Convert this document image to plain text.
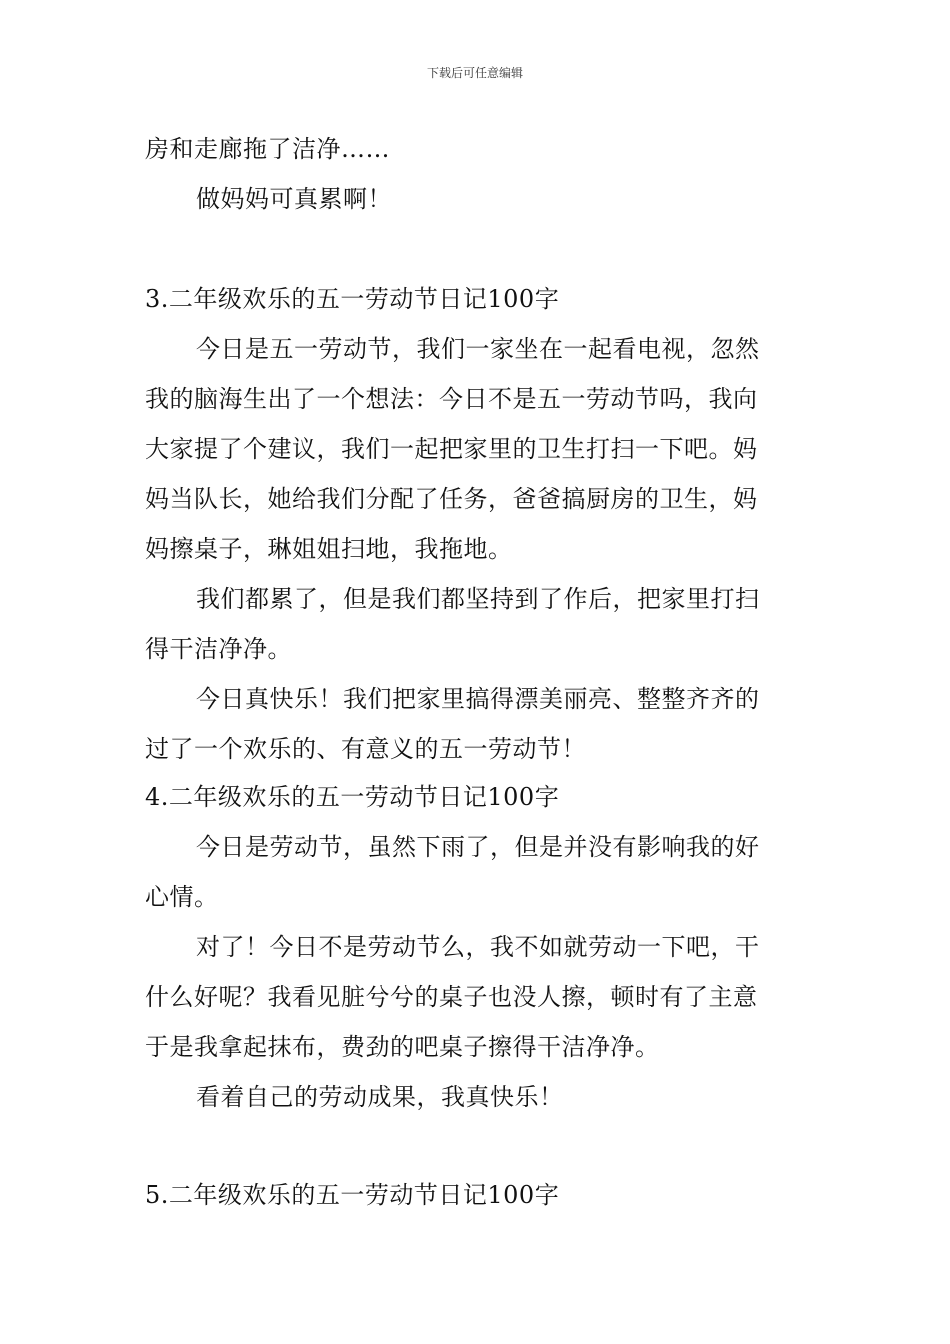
下载后可任意编辑
房和走廊拖了洁净……
做妈妈可真累啊！
3.二年级欢乐的五一劳动节日记100字
今日是五一劳动节，我们一家坐在一起看电视，忽然
我的脑海生出了一个想法：今日不是五一劳动节吗，我向
大家提了个建议，我们一起把家里的卫生打扫一下吧。妈
妈当队长，她给我们分配了任务，爸爸搞厨房的卫生，妈
妈擦桌子，琳姐姐扫地，我拖地。
我们都累了，但是我们都坚持到了作后，把家里打扫
得干洁净净。
今日真快乐！我们把家里搞得漂美丽亮、整整齐齐的
过了一个欢乐的、有意义的五一劳动节！
4.二年级欢乐的五一劳动节日记100字
今日是劳动节，虽然下雨了，但是并没有影响我的好
心情。
对了！今日不是劳动节么，我不如就劳动一下吧，干
什么好呢？我看见脏兮兮的桌子也没人擦，顿时有了主意
于是我拿起抹布，费劲的吧桌子擦得干洁净净。
看着自己的劳动成果，我真快乐！
5.二年级欢乐的五一劳动节日记100字
